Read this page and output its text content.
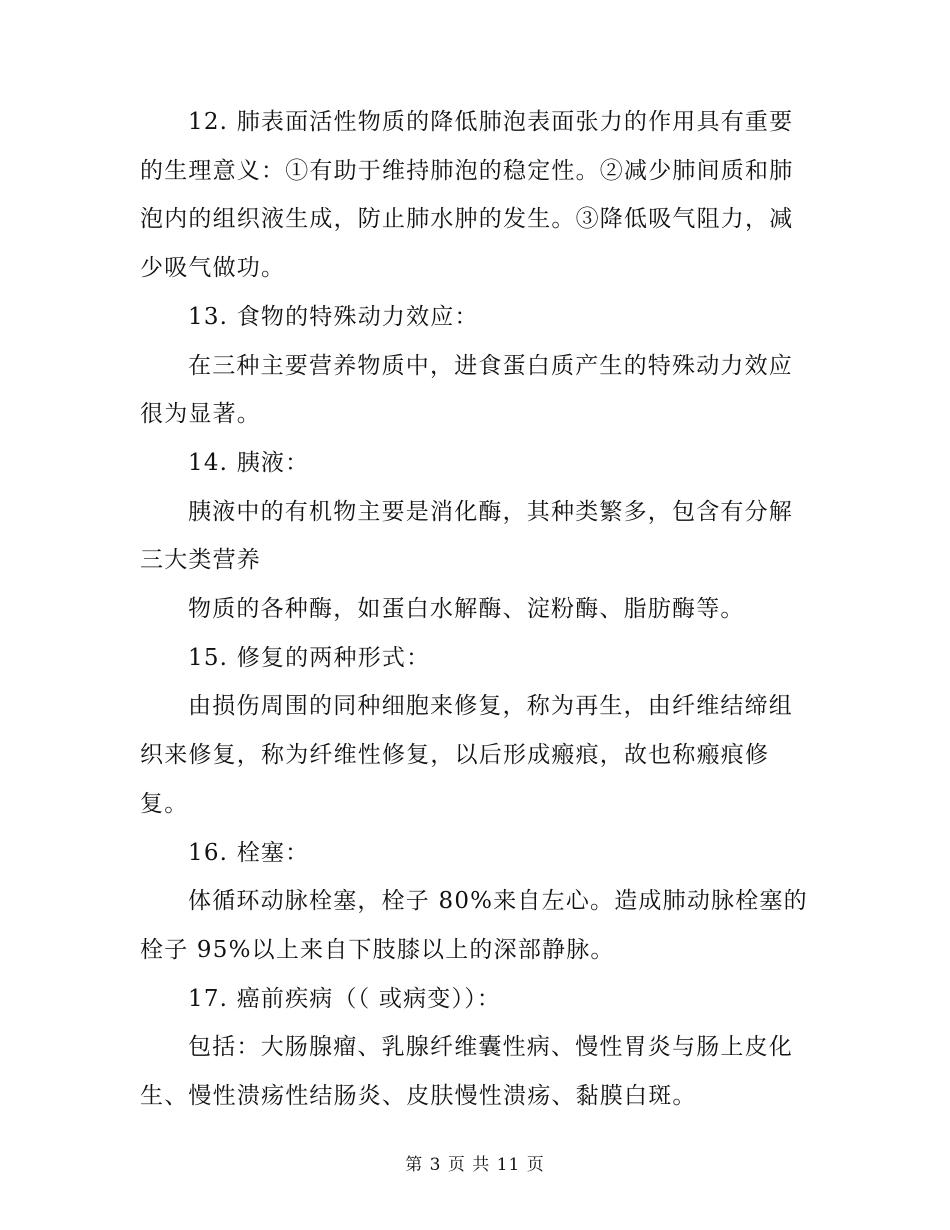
12. 肺表面活性物质的降低肺泡表面张力的作用具有重要的生理意义：①有助于维持肺泡的稳定性。②减少肺间质和肺泡内的组织液生成，防止肺水肿的发生。③降低吸气阻力，减少吸气做功。

13. 食物的特殊动力效应：

在三种主要营养物质中，进食蛋白质产生的特殊动力效应很为显著。

14. 胰液：

胰液中的有机物主要是消化酶，其种类繁多，包含有分解三大类营养

物质的各种酶，如蛋白水解酶、淀粉酶、脂肪酶等。

15. 修复的两种形式：

由损伤周围的同种细胞来修复，称为再生，由纤维结缔组织来修复，称为纤维性修复，以后形成瘢痕，故也称瘢痕修复。

16. 栓塞：

体循环动脉栓塞，栓子 80%来自左心。造成肺动脉栓塞的栓子 95%以上来自下肢膝以上的深部静脉。

17. 癌前疾病（（ 或病变））：

包括：大肠腺瘤、乳腺纤维囊性病、慢性胃炎与肠上皮化生、慢性溃疡性结肠炎、皮肤慢性溃疡、黏膜白斑。

第 3 页 共 11 页
